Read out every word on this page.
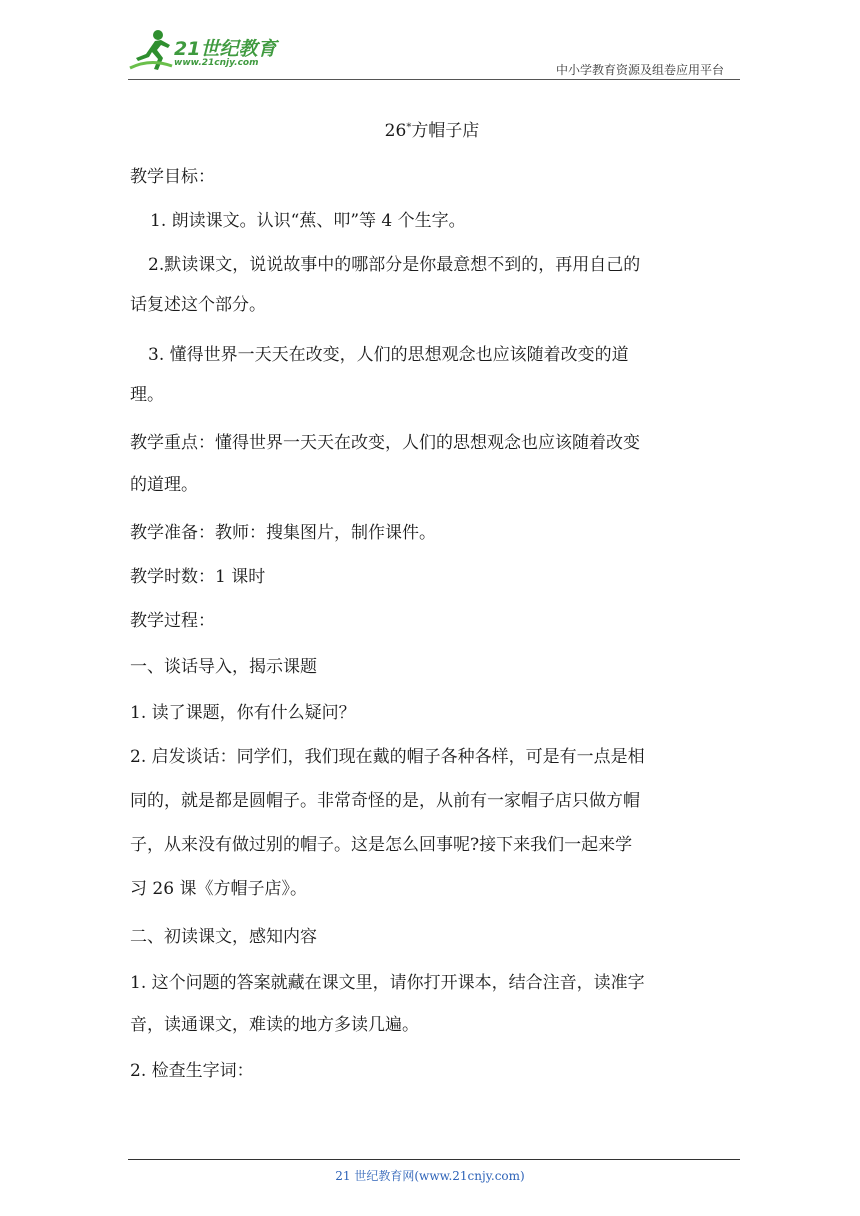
21世纪教育
www.21cnjy.com	中小学教育资源及组卷应用平台
26*方帽子店
教学目标：
1. 朗读课文。认识“蕉、叩”等 4 个生字。
2.默读课文，说说故事中的哪部分是你最意想不到的，再用自己的
话复述这个部分。
3. 懂得世界一天天在改变，人们的思想观念也应该随着改变的道
理。
教学重点：懂得世界一天天在改变，人们的思想观念也应该随着改变
的道理。
教学准备：教师：搜集图片，制作课件。
教学时数：1 课时
教学过程：
一、谈话导入，揭示课题
1. 读了课题，你有什么疑问？
2. 启发谈话：同学们，我们现在戴的帽子各种各样，可是有一点是相
同的，就是都是圆帽子。非常奇怪的是，从前有一家帽子店只做方帽
子，从来没有做过别的帽子。这是怎么回事呢?接下来我们一起来学
习 26 课《方帽子店》。
二、初读课文，感知内容
1. 这个问题的答案就藏在课文里，请你打开课本，结合注音，读准字
音，读通课文，难读的地方多读几遍。
2. 检查生字词：
21 世纪教育网(www.21cnjy.com)
